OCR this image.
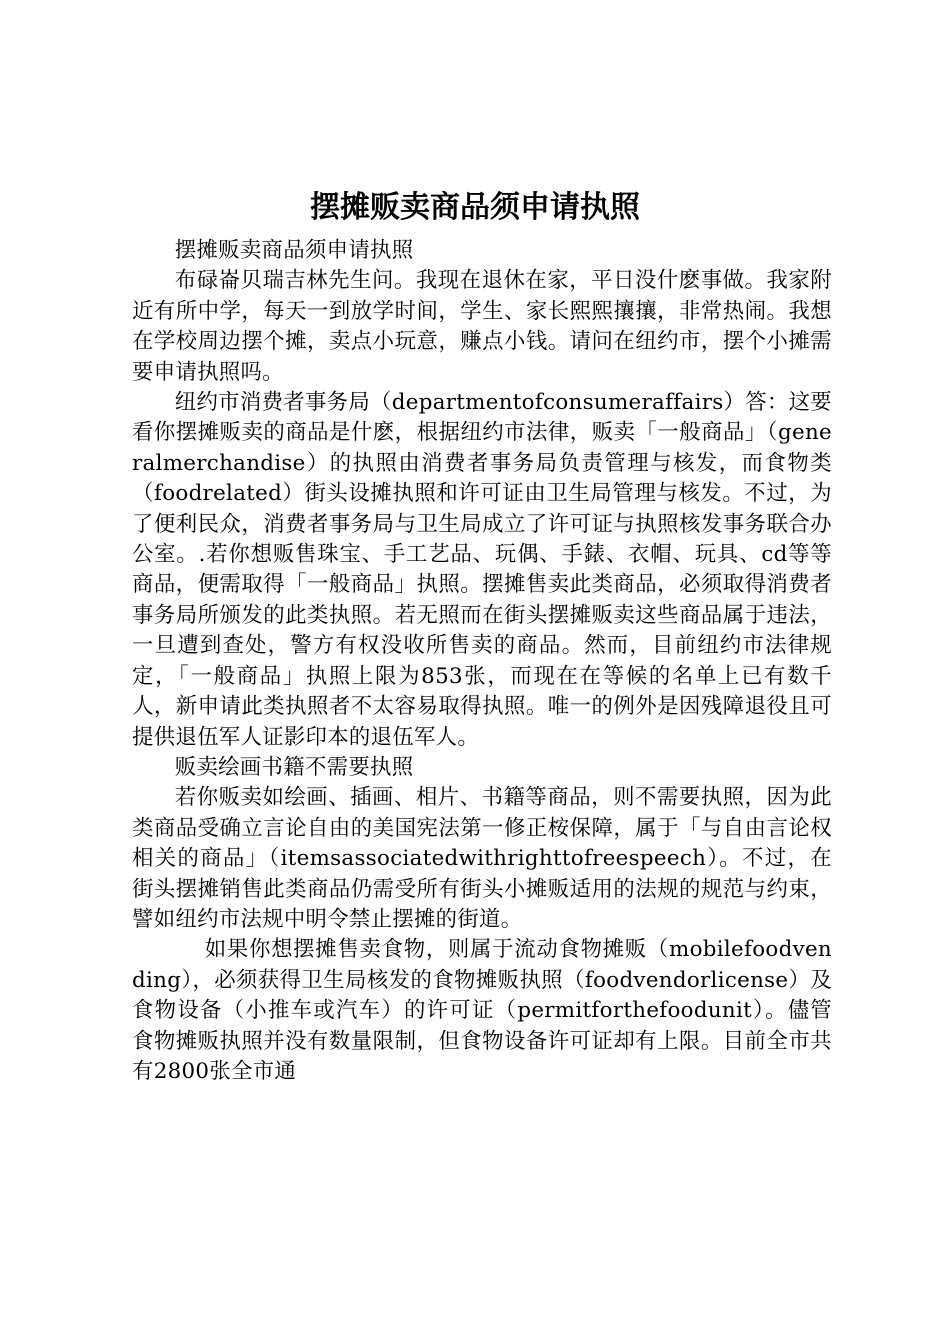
摆摊贩卖商品须申请执照

摆摊贩卖商品须申请执照

布碌崙贝瑞吉林先生问。我现在退休在家，平日没什麽事做。我家附近有所中学，每天一到放学时间，学生、家长熙熙攘攘，非常热闹。我想在学校周边摆个摊，卖点小玩意，赚点小钱。请问在纽约市，摆个小摊需要申请执照吗。

纽约市消费者事务局（departmentofconsumeraffairs）答：这要看你摆摊贩卖的商品是什麽，根据纽约市法律，贩卖「一般商品」（generalmerchandise）的执照由消费者事务局负责管理与核发，而食物类（foodrelated）街头设摊执照和许可证由卫生局管理与核发。不过，为了便利民众，消费者事务局与卫生局成立了许可证与执照核发事务联合办公室。.若你想贩售珠宝、手工艺品、玩偶、手錶、衣帽、玩具、cd等等商品，便需取得「一般商品」执照。摆摊售卖此类商品，必须取得消费者事务局所颁发的此类执照。若无照而在街头摆摊贩卖这些商品属于违法，一旦遭到查处，警方有权没收所售卖的商品。然而，目前纽约市法律规定，「一般商品」执照上限为853张，而现在在等候的名单上已有数千人，新申请此类执照者不太容易取得执照。唯一的例外是因残障退役且可提供退伍军人证影印本的退伍军人。

贩卖绘画书籍不需要执照

若你贩卖如绘画、插画、相片、书籍等商品，则不需要执照，因为此类商品受确立言论自由的美国宪法第一修正桉保障，属于「与自由言论权相关的商品」（itemsassociatedwithrighttofreespeech）。不过，在街头摆摊销售此类商品仍需受所有街头小摊贩适用的法规的规范与约束，譬如纽约市法规中明令禁止摆摊的街道。

如果你想摆摊售卖食物，则属于流动食物摊贩（mobilefoodvending），必须获得卫生局核发的食物摊贩执照（foodvendorlicense）及食物设备（小推车或汽车）的许可证（permitforthefoodunit）。儘管食物摊贩执照并没有数量限制，但食物设备许可证却有上限。目前全市共有2800张全市通
